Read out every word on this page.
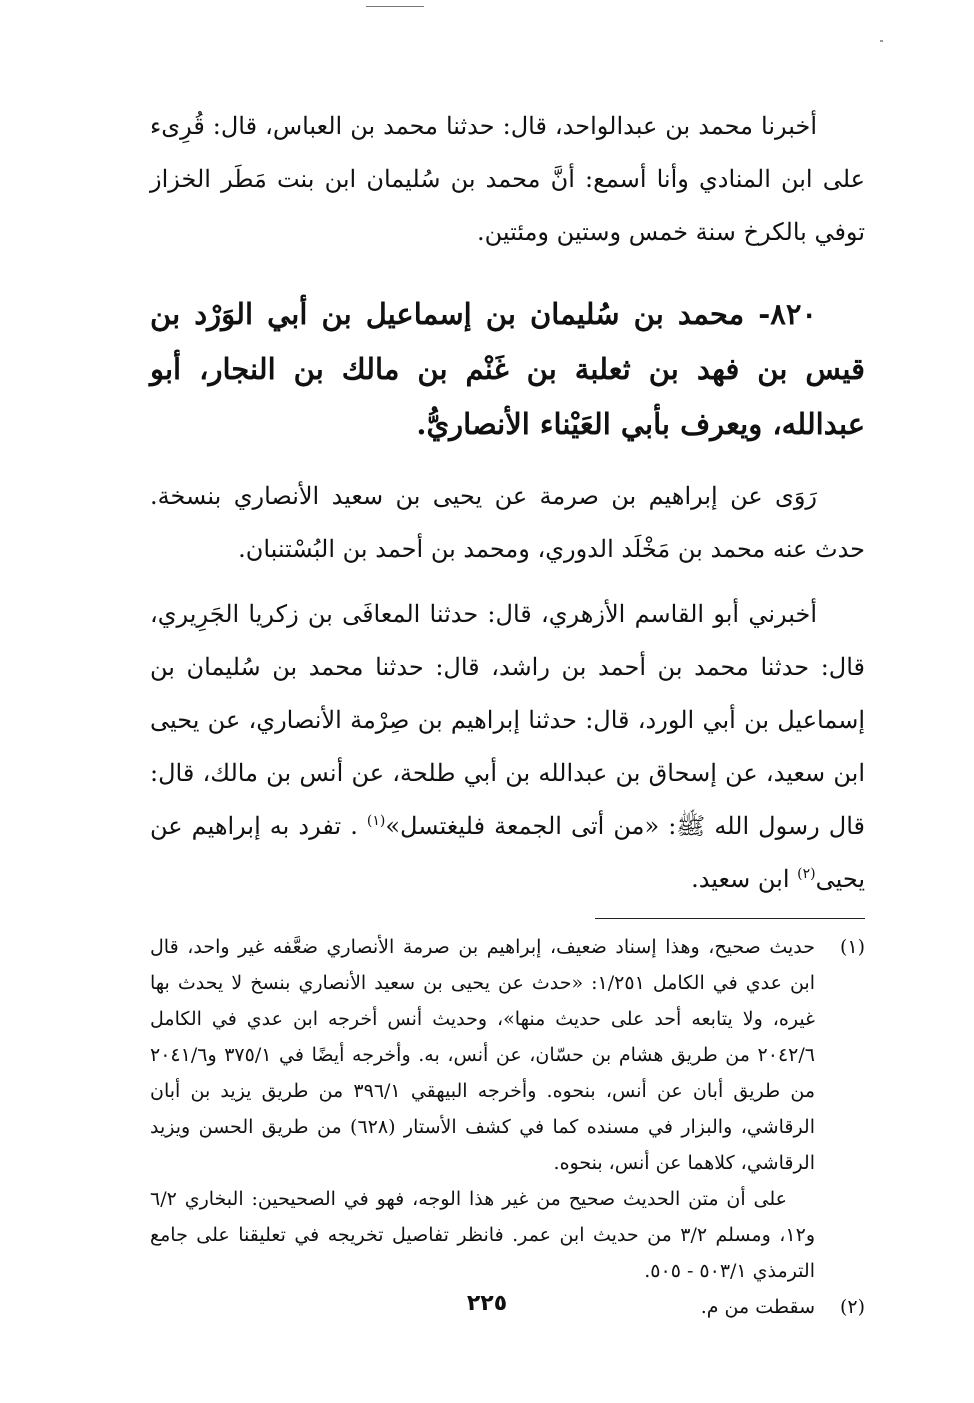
أخبرنا محمد بن عبدالواحد، قال: حدثنا محمد بن العباس، قال: قُرِىء على ابن المنادي وأنا أسمع: أنَّ محمد بن سُليمان ابن بنت مَطَر الخزاز توفي بالكرخ سنة خمس وستين ومئتين.

٨٢٠- محمد بن سُليمان بن إسماعيل بن أبي الوَرْد بن قيس بن فهد بن ثعلبة بن غَنْم بن مالك بن النجار، أبو عبدالله، ويعرف بأبي العَيْناء الأنصاريُّ.

رَوَى عن إبراهيم بن صرمة عن يحيى بن سعيد الأنصاري بنسخة. حدث عنه محمد بن مَخْلَد الدوري، ومحمد بن أحمد بن البُسْتنبان.

أخبرني أبو القاسم الأزهري، قال: حدثنا المعافَى بن زكريا الجَرِيري، قال: حدثنا محمد بن أحمد بن راشد، قال: حدثنا محمد بن سُليمان بن إسماعيل بن أبي الورد، قال: حدثنا إبراهيم بن صِرْمة الأنصاري، عن يحيى ابن سعيد، عن إسحاق بن عبدالله بن أبي طلحة، عن أنس بن مالك، قال: قال رسول الله ﷺ: «من أتى الجمعة فليغتسل»$^{(١)}$ . تفرد به إبراهيم عن يحيى$^{(٢)}$ ابن سعيد.

(١)
حديث صحيح، وهذا إسناد ضعيف، إبراهيم بن صرمة الأنصاري ضعَّفه غير واحد، قال ابن عدي في الكامل ١/٢٥١: «حدث عن يحيى بن سعيد الأنصاري بنسخ لا يحدث بها غيره، ولا يتابعه أحد على حديث منها»، وحديث أنس أخرجه ابن عدي في الكامل ٢٠٤٢/٦ من طريق هشام بن حسّان، عن أنس، به. وأخرجه أيضًا في ٣٧٥/١ و٢٠٤١/٦ من طريق أبان عن أنس، بنحوه. وأخرجه البيهقي ٣٩٦/١ من طريق يزيد بن أبان الرقاشي، والبزار في مسنده كما في كشف الأستار (٦٢٨) من طريق الحسن ويزيد الرقاشي، كلاهما عن أنس، بنحوه.

على أن متن الحديث صحيح من غير هذا الوجه، فهو في الصحيحين: البخاري ٦/٢ و١٢، ومسلم ٣/٢ من حديث ابن عمر. فانظر تفاصيل تخريجه في تعليقنا على جامع الترمذي ٥٠٣/١ - ٥٠٥.

(٢)
سقطت من م.
٢٢٥
